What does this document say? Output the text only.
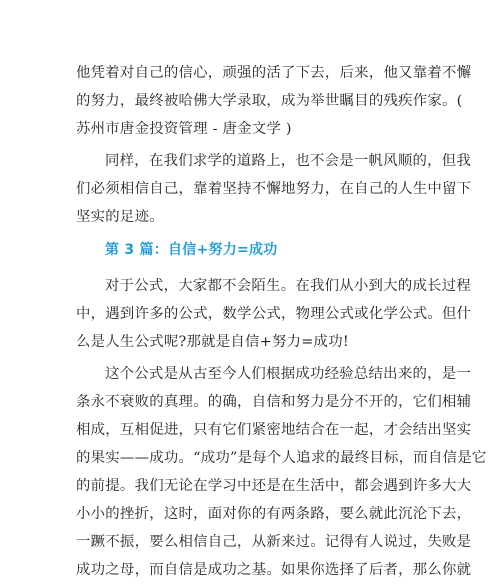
他凭着对自己的信心，顽强的活了下去，后来，他又靠着不懈
的努力，最终被哈佛大学录取，成为举世瞩目的残疾作家。(
苏州市唐金投资管理 - 唐金文学 )
同样，在我们求学的道路上，也不会是一帆风顺的，但我
们必须相信自己，靠着坚持不懈地努力，在自己的人生中留下
坚实的足迹。
第 3 篇：自信+努力=成功
对于公式，大家都不会陌生。在我们从小到大的成长过程
中，遇到许多的公式，数学公式，物理公式或化学公式。但什
么是人生公式呢?那就是自信+努力=成功!
这个公式是从古至今人们根据成功经验总结出来的，是一
条永不衰败的真理。的确，自信和努力是分不开的，它们相辅
相成，互相促进，只有它们紧密地结合在一起，才会结出坚实
的果实——成功。“成功”是每个人追求的最终目标，而自信是它
的前提。我们无论在学习中还是在生活中，都会遇到许多大大
小小的挫折，这时，面对你的有两条路，要么就此沉沦下去，
一蹶不振，要么相信自己，从新来过。记得有人说过，失败是
成功之母，而自信是成功之基。如果你选择了后者，那么你就
